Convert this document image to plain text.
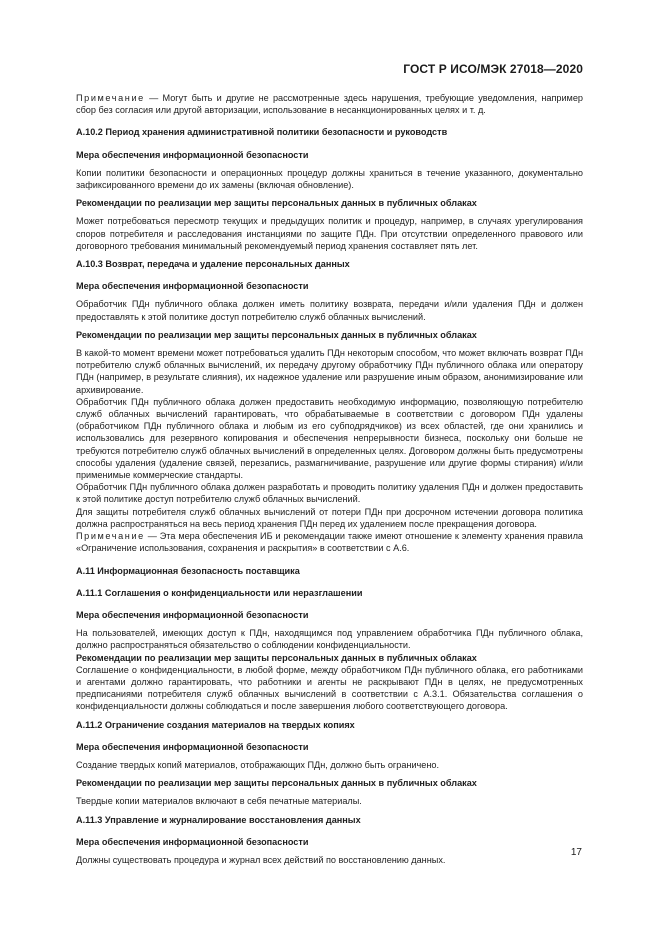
ГОСТ Р ИСО/МЭК 27018—2020

Примечание — Могут быть и другие не рассмотренные здесь нарушения, требующие уведомления, например сбор без согласия или другой авторизации, использование в несанкционированных целях и т. д.

А.10.2 Период хранения административной политики безопасности и руководств

Мера обеспечения информационной безопасности

Копии политики безопасности и операционных процедур должны храниться в течение указанного, документально зафиксированного времени до их замены (включая обновление).

Рекомендации по реализации мер защиты персональных данных в публичных облаках

Может потребоваться пересмотр текущих и предыдущих политик и процедур, например, в случаях урегулирования споров потребителя и расследования инстанциями по защите ПДн. При отсутствии определенного правового или договорного требования минимальный рекомендуемый период хранения составляет пять лет.

А.10.3 Возврат, передача и удаление персональных данных

Мера обеспечения информационной безопасности

Обработчик ПДн публичного облака должен иметь политику возврата, передачи и/или удаления ПДн и должен предоставлять к этой политике доступ потребителю служб облачных вычислений.

Рекомендации по реализации мер защиты персональных данных в публичных облаках

В какой-то момент времени может потребоваться удалить ПДн некоторым способом, что может включать возврат ПДн потребителю служб облачных вычислений, их передачу другому обработчику ПДн публичного облака или оператору ПДн (например, в результате слияния), их надежное удаление или разрушение иным образом, анонимизирование или архивирование.

Обработчик ПДн публичного облака должен предоставить необходимую информацию, позволяющую потребителю служб облачных вычислений гарантировать, что обрабатываемые в соответствии с договором ПДн удалены (обработчиком ПДн публичного облака и любым из его субподрядчиков) из всех областей, где они хранились и использовались для резервного копирования и обеспечения непрерывности бизнеса, поскольку они больше не требуются потребителю служб облачных вычислений в определенных целях. Договором должны быть предусмотрены способы удаления (удаление связей, перезапись, размагничивание, разрушение или другие формы стирания) и/или применимые коммерческие стандарты.

Обработчик ПДн публичного облака должен разработать и проводить политику удаления ПДн и должен предоставить к этой политике доступ потребителю служб облачных вычислений.

Для защиты потребителя служб облачных вычислений от потери ПДн при досрочном истечении договора политика должна распространяться на весь период хранения ПДн перед их удалением после прекращения договора.

Примечание — Эта мера обеспечения ИБ и рекомендации также имеют отношение к элементу хранения правила «Ограничение использования, сохранения и раскрытия» в соответствии с А.6.

А.11 Информационная безопасность поставщика

А.11.1 Соглашения о конфиденциальности или неразглашении

Мера обеспечения информационной безопасности

На пользователей, имеющих доступ к ПДн, находящимся под управлением обработчика ПДн публичного облака, должно распространяться обязательство о соблюдении конфиденциальности.

Рекомендации по реализации мер защиты персональных данных в публичных облаках

Соглашение о конфиденциальности, в любой форме, между обработчиком ПДн публичного облака, его работниками и агентами должно гарантировать, что работники и агенты не раскрывают ПДн в целях, не предусмотренных предписаниями потребителя служб облачных вычислений в соответствии с А.3.1. Обязательства соглашения о конфиденциальности должны соблюдаться и после завершения любого соответствующего договора.

А.11.2 Ограничение создания материалов на твердых копиях

Мера обеспечения информационной безопасности

Создание твердых копий материалов, отображающих ПДн, должно быть ограничено.

Рекомендации по реализации мер защиты персональных данных в публичных облаках

Твердые копии материалов включают в себя печатные материалы.

А.11.3 Управление и журналирование восстановления данных

Мера обеспечения информационной безопасности

Должны существовать процедура и журнал всех действий по восстановлению данных.

17
